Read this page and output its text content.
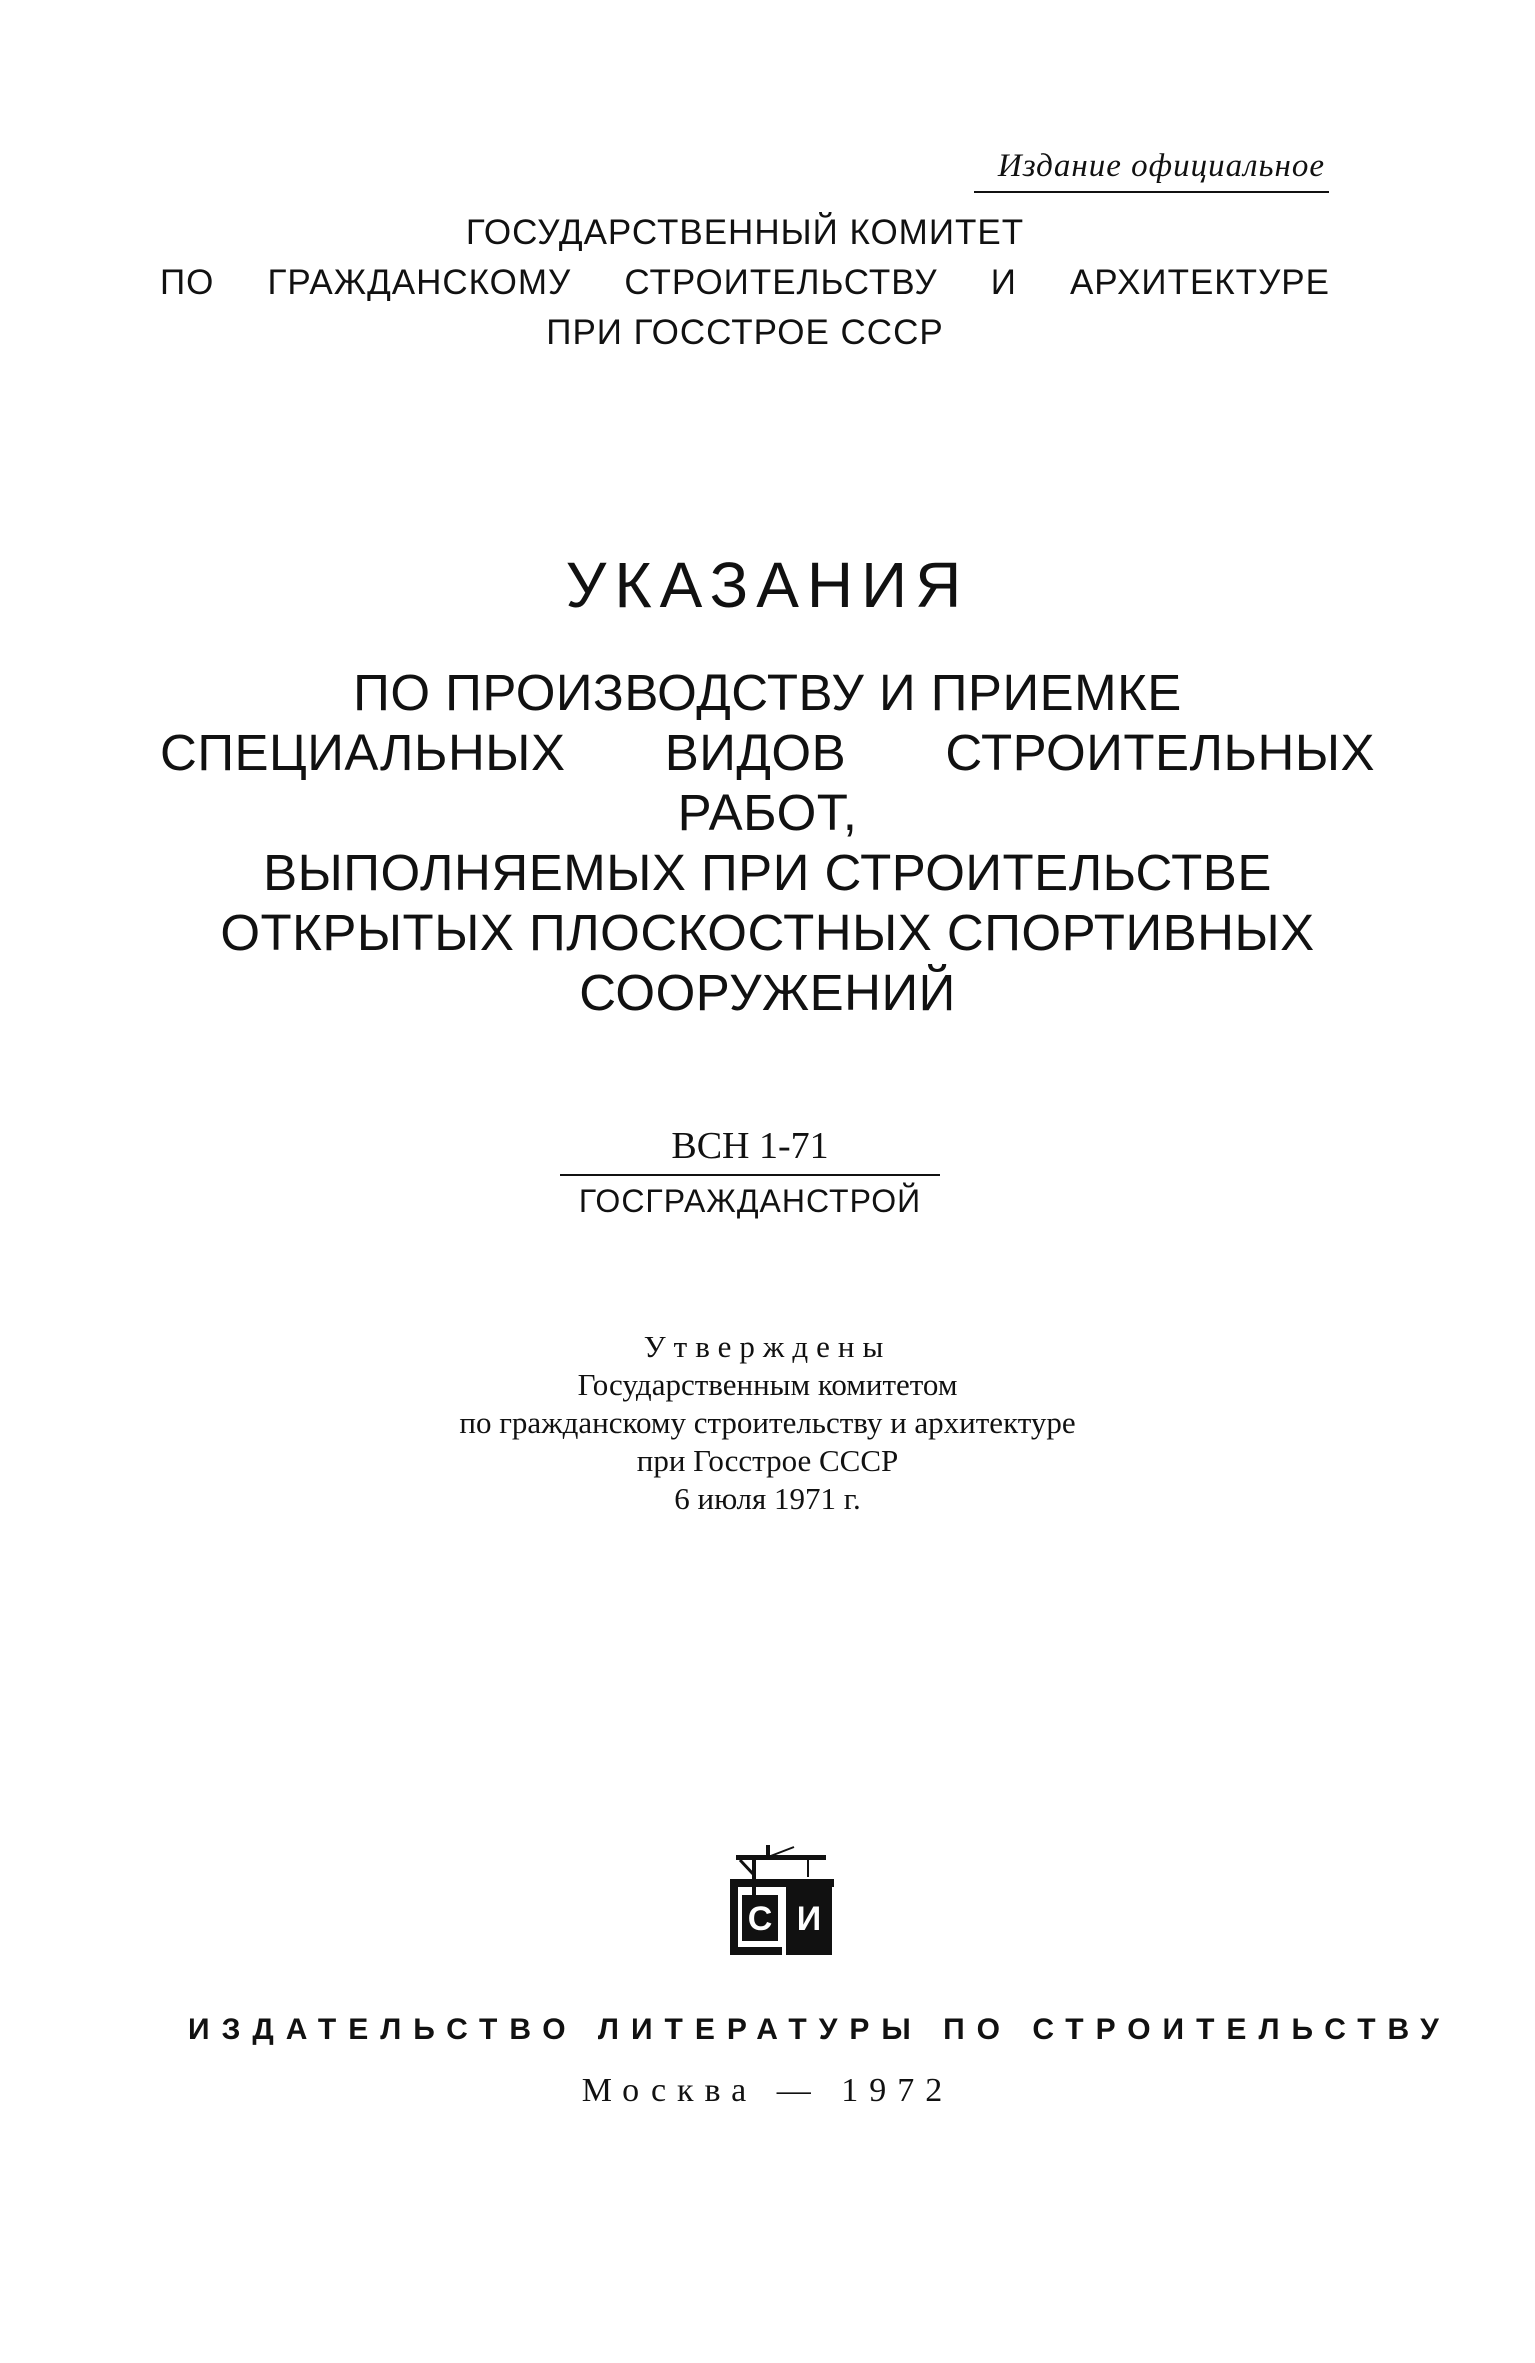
Издание официальное
ГОСУДАРСТВЕННЫЙ КОМИТЕТ
ПО ГРАЖДАНСКОМУ СТРОИТЕЛЬСТВУ И АРХИТЕКТУРЕ
ПРИ ГОССТРОЕ СССР
УКАЗАНИЯ
ПО ПРОИЗВОДСТВУ И ПРИЕМКЕ
СПЕЦИАЛЬНЫХ ВИДОВ СТРОИТЕЛЬНЫХ
РАБОТ,
ВЫПОЛНЯЕМЫХ ПРИ СТРОИТЕЛЬСТВЕ
ОТКРЫТЫХ ПЛОСКОСТНЫХ СПОРТИВНЫХ
СООРУЖЕНИЙ
ВСН 1-71
ГОСГРАЖДАНСТРОЙ
Утверждены
Государственным комитетом
по гражданскому строительству и архитектуре
при Госстрое СССР
6 июля 1971 г.
С И
ИЗДАТЕЛЬСТВО ЛИТЕРАТУРЫ ПО СТРОИТЕЛЬСТВУ
Москва — 1972
